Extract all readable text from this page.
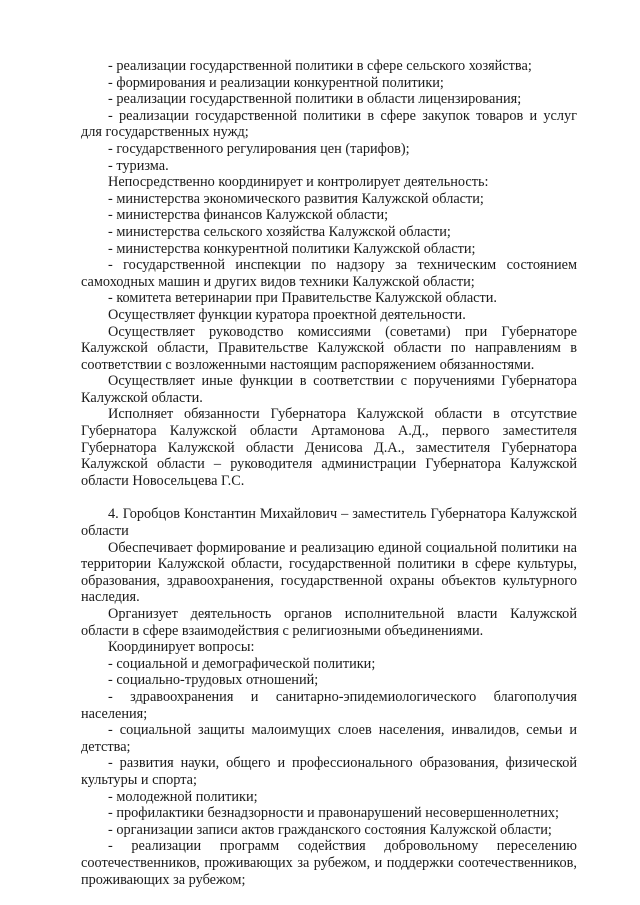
- реализации государственной политики в сфере сельского хозяйства;

- формирования и реализации конкурентной политики;

- реализации государственной политики в области лицензирования;

- реализации государственной политики в сфере закупок товаров и услуг для государственных нужд;

- государственного регулирования цен (тарифов);

- туризма.

Непосредственно координирует и контролирует деятельность:

- министерства экономического развития Калужской области;

- министерства финансов Калужской области;

- министерства сельского хозяйства Калужской области;

- министерства конкурентной политики Калужской области;

- государственной инспекции по надзору за техническим состоянием самоходных машин и других видов техники Калужской области;

- комитета ветеринарии при Правительстве Калужской области.

Осуществляет функции куратора проектной деятельности.

Осуществляет руководство комиссиями (советами) при Губернаторе Калужской области, Правительстве Калужской области по направлениям в соответствии с возложенными настоящим распоряжением обязанностями.

Осуществляет иные функции в соответствии с поручениями Губернатора Калужской области.

Исполняет обязанности Губернатора Калужской области в отсутствие Губернатора Калужской области Артамонова А.Д., первого заместителя Губернатора Калужской области Денисова Д.А., заместителя Губернатора Калужской области – руководителя администрации Губернатора Калужской области Новосельцева Г.С.

4. Горобцов Константин Михайлович – заместитель Губернатора Калужской области

Обеспечивает формирование и реализацию единой социальной политики на территории Калужской области, государственной политики в сфере культуры, образования, здравоохранения, государственной охраны объектов культурного наследия.

Организует деятельность органов исполнительной власти Калужской области в сфере взаимодействия с религиозными объединениями.

Координирует вопросы:

- социальной и демографической политики;

- социально-трудовых отношений;

- здравоохранения и санитарно-эпидемиологического благополучия населения;

- социальной защиты малоимущих слоев населения, инвалидов, семьи и детства;

- развития науки, общего и профессионального образования, физической культуры и спорта;

- молодежной политики;

- профилактики безнадзорности и правонарушений несовершеннолетних;

- организации записи актов гражданского состояния Калужской области;

- реализации программ содействия добровольному переселению соотечественников, проживающих за рубежом, и поддержки соотечественников, проживающих за рубежом;
